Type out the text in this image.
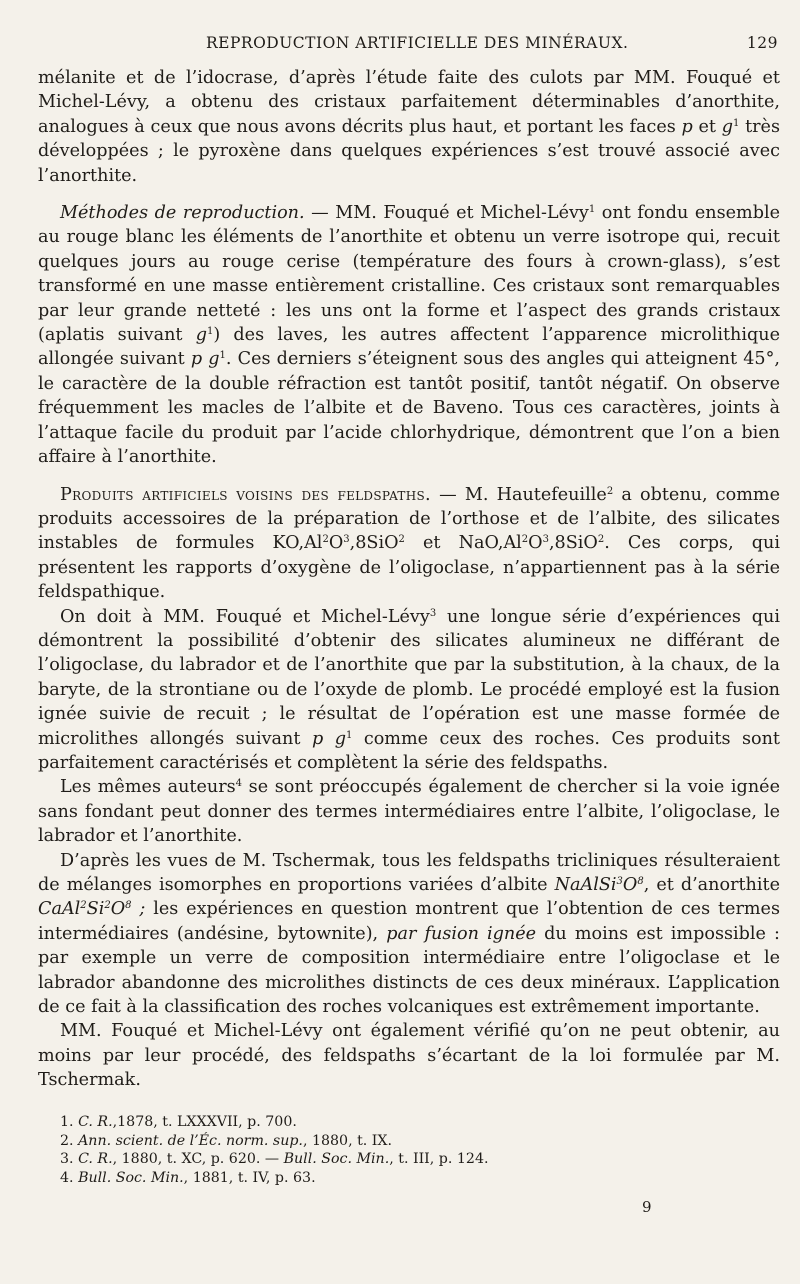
REPRODUCTION ARTIFICIELLE DES MINÉRAUX.	129

mélanite et de l’idocrase, d’après l’étude faite des culots par MM. Fouqué et Michel-Lévy, a obtenu des cristaux parfaitement déterminables d’anorthite, analogues à ceux que nous avons décrits plus haut, et portant les faces p et $g^1$ très développées ; le pyroxène dans quelques expériences s’est trouvé associé avec l’anorthite.

Méthodes de reproduction. — MM. Fouqué et Michel-Lévy$^1$ ont fondu ensemble au rouge blanc les éléments de l’anorthite et obtenu un verre isotrope qui, recuit quelques jours au rouge cerise (température des fours à crown-glass), s’est transformé en une masse entièrement cristalline. Ces cristaux sont remarquables par leur grande netteté : les uns ont la forme et l’aspect des grands cristaux (aplatis suivant $g^1$) des laves, les autres affectent l’apparence microlithique allongée suivant p $g^1$. Ces derniers s’éteignent sous des angles qui atteignent 45°, le caractère de la double réfraction est tantôt positif, tantôt négatif. On observe fréquemment les macles de l’albite et de Baveno. Tous ces caractères, joints à l’attaque facile du produit par l’acide chlorhydrique, démontrent que l’on a bien affaire à l’anorthite.

Produits artificiels voisins des feldspaths. — M. Hautefeuille$^2$ a obtenu, comme produits accessoires de la préparation de l’orthose et de l’albite, des silicates instables de formules $KO,Al^2O^3,8SiO^2$ et $NaO,Al^2O^3,8SiO^2$. Ces corps, qui présentent les rapports d’oxygène de l’oligoclase, n’appartiennent pas à la série feldspathique.

On doit à MM. Fouqué et Michel-Lévy$^3$ une longue série d’expériences qui démontrent la possibilité d’obtenir des silicates alumineux ne différant de l’oligoclase, du labrador et de l’anorthite que par la substitution, à la chaux, de la baryte, de la strontiane ou de l’oxyde de plomb. Le procédé employé est la fusion ignée suivie de recuit ; le résultat de l’opération est une masse formée de microlithes allongés suivant p $g^1$ comme ceux des roches. Ces produits sont parfaitement caractérisés et complètent la série des feldspaths.

Les mêmes auteurs$^4$ se sont préoccupés également de chercher si la voie ignée sans fondant peut donner des termes intermédiaires entre l’albite, l’oligoclase, le labrador et l’anorthite.

D’après les vues de M. Tschermak, tous les feldspaths tricliniques résulteraient de mélanges isomorphes en proportions variées d’albite $NaAlSi^3O^8$, et d’anorthite $CaAl^2Si^2O^8$ ; les expériences en question montrent que l’obtention de ces termes intermédiaires (andésine, bytownite), par fusion ignée du moins est impossible : par exemple un verre de composition intermédiaire entre l’oligoclase et le labrador abandonne des microlithes distincts de ces deux minéraux. L’application de ce fait à la classification des roches volcaniques est extrêmement importante.

MM. Fouqué et Michel-Lévy ont également vérifié qu’on ne peut obtenir, au moins par leur procédé, des feldspaths s’écartant de la loi formulée par M. Tschermak.

1. C. R.,1878, t. LXXXVII, p. 700.

2. Ann. scient. de l’Éc. norm. sup., 1880, t. IX.

3. C. R., 1880, t. XC, p. 620. — Bull. Soc. Min., t. III, p. 124.

4. Bull. Soc. Min., 1881, t. IV, p. 63.

9
